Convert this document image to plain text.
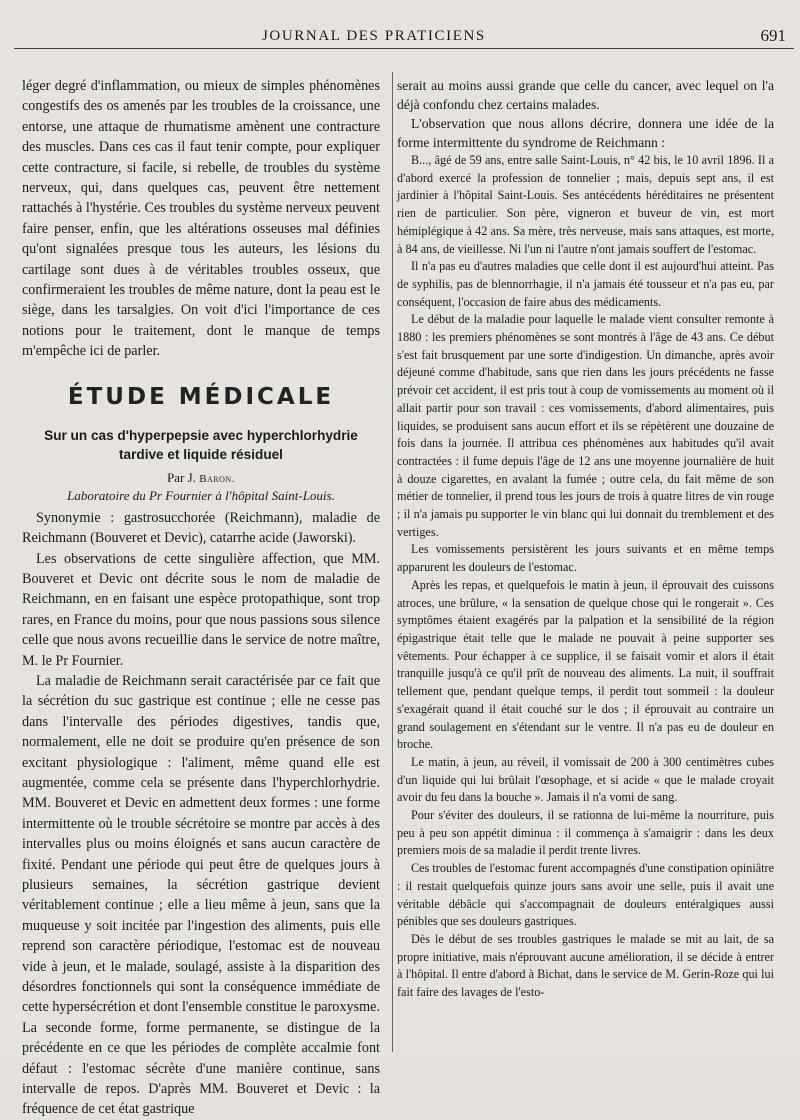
JOURNAL DES PRATICIENS	691

léger degré d'inflammation, ou mieux de simples phénomènes congestifs des os amenés par les troubles de la croissance, une entorse, une attaque de rhumatisme amènent une contracture des muscles. Dans ces cas il faut tenir compte, pour expliquer cette contracture, si facile, si rebelle, de troubles du système nerveux, qui, dans quelques cas, peuvent être nettement rattachés à l'hystérie. Ces troubles du système nerveux peuvent faire penser, enfin, que les altérations osseuses mal définies qu'ont signalées presque tous les auteurs, les lésions du cartilage sont dues à de véritables troubles osseux, que confirmeraient les troubles de même nature, dont la peau est le siège, dans les tarsalgies. On voit d'ici l'importance de ces notions pour le traitement, dont le manque de temps m'empêche ici de parler.

ÉTUDE MÉDICALE
Sur un cas d'hyperpepsie avec hyperchlorhydrie tardive et liquide résiduel
Par J. Baron.
Laboratoire du Pr Fournier à l'hôpital Saint-Louis.

Synonymie : gastrosucchorée (Reichmann), maladie de Reichmann (Bouveret et Devic), catarrhe acide (Jaworski).

Les observations de cette singulière affection, que MM. Bouveret et Devic ont décrite sous le nom de maladie de Reichmann, en en faisant une espèce protopathique, sont trop rares, en France du moins, pour que nous passions sous silence celle que nous avons recueillie dans le service de notre maître, M. le Pr Fournier.

La maladie de Reichmann serait caractérisée par ce fait que la sécrétion du suc gastrique est continue ; elle ne cesse pas dans l'intervalle des périodes digestives, tandis que, normalement, elle ne doit se produire qu'en présence de son excitant physiologique : l'aliment, même quand elle est augmentée, comme cela se présente dans l'hyperchlorhydrie. MM. Bouveret et Devic en admettent deux formes : une forme intermittente où le trouble sécrétoire se montre par accès à des intervalles plus ou moins éloignés et sans aucun caractère de fixité. Pendant une période qui peut être de quelques jours à plusieurs semaines, la sécrétion gastrique devient véritablement continue ; elle a lieu même à jeun, sans que la muqueuse y soit incitée par l'ingestion des aliments, puis elle reprend son caractère périodique, l'estomac est de nouveau vide à jeun, et le malade, soulagé, assiste à la disparition des désordres fonctionnels qui sont la conséquence immédiate de cette hypersécrétion et dont l'ensemble constitue le paroxysme. La seconde forme, forme permanente, se distingue de la précédente en ce que les périodes de complète accalmie font défaut : l'estomac sécrète d'une manière continue, sans intervalle de repos. D'après MM. Bouveret et Devic : la fréquence de cet état gastrique

serait au moins aussi grande que celle du cancer, avec lequel on l'a déjà confondu chez certains malades.

L'observation que nous allons décrire, donnera une idée de la forme intermittente du syndrome de Reichmann :

B..., âgé de 59 ans, entre salle Saint-Louis, n° 42 bis, le 10 avril 1896. Il a d'abord exercé la profession de tonnelier ; mais, depuis sept ans, il est jardinier à l'hôpital Saint-Louis. Ses antécédents héréditaires ne présentent rien de particulier. Son père, vigneron et buveur de vin, est mort hémiplégique à 42 ans. Sa mère, très nerveuse, mais sans attaques, est morte, à 84 ans, de vieillesse. Ni l'un ni l'autre n'ont jamais souffert de l'estomac.

Il n'a pas eu d'autres maladies que celle dont il est aujourd'hui atteint. Pas de syphilis, pas de blennorrhagie, il n'a jamais été tousseur et n'a pas eu, par conséquent, l'occasion de faire abus des médicaments.

Le début de la maladie pour laquelle le malade vient consulter remonte à 1880 : les premiers phénomènes se sont montrés à l'âge de 43 ans. Ce début s'est fait brusquement par une sorte d'indigestion. Un dimanche, après avoir déjeuné comme d'habitude, sans que rien dans les jours précédents ne fasse prévoir cet accident, il est pris tout à coup de vomissements au moment où il allait partir pour son travail : ces vomissements, d'abord alimentaires, puis liquides, se produisent sans aucun effort et ils se répètèrent une douzaine de fois dans la journée. Il attribua ces phénomènes aux habitudes qu'il avait contractées : il fume depuis l'âge de 12 ans une moyenne journalière de huit à douze cigarettes, en avalant la fumée ; outre cela, du fait même de son métier de tonnelier, il prend tous les jours de trois à quatre litres de vin rouge ; il n'a jamais pu supporter le vin blanc qui lui donnait du tremblement et des vertiges.

Les vomissements persistèrent les jours suivants et en même temps apparurent les douleurs de l'estomac.

Après les repas, et quelquefois le matin à jeun, il éprouvait des cuissons atroces, une brûlure, « la sensation de quelque chose qui le rongerait ». Ces symptômes étaient exagérés par la palpation et la sensibilité de la région épigastrique était telle que le malade ne pouvait à peine supporter ses vêtements. Pour échapper à ce supplice, il se faisait vomir et alors il était tranquille jusqu'à ce qu'il prît de nouveau des aliments. La nuit, il souffrait tellement que, pendant quelque temps, il perdit tout sommeil : la douleur s'exagérait quand il était couché sur le dos ; il éprouvait au contraire un grand soulagement en s'étendant sur le ventre. Il n'a pas eu de douleur en broche.

Le matin, à jeun, au réveil, il vomissait de 200 à 300 centimètres cubes d'un liquide qui lui brûlait l'œsophage, et si acide « que le malade croyait avoir du feu dans la bouche ». Jamais il n'a vomi de sang.

Pour s'éviter des douleurs, il se rationna de lui-même la nourriture, puis peu à peu son appétit diminua : il commença à s'amaigrir : dans les deux premiers mois de sa maladie il perdit trente livres.

Ces troubles de l'estomac furent accompagnés d'une constipation opiniâtre : il restait quelquefois quinze jours sans avoir une selle, puis il avait une véritable débâcle qui s'accompagnait de douleurs entéralgiques aussi pénibles que ses douleurs gastriques.

Dès le début de ses troubles gastriques le malade se mit au lait, de sa propre initiative, mais n'éprouvant aucune amélioration, il se décide à entrer à l'hôpital. Il entre d'abord à Bichat, dans le service de M. Gerin-Roze qui lui fait faire des lavages de l'esto-
